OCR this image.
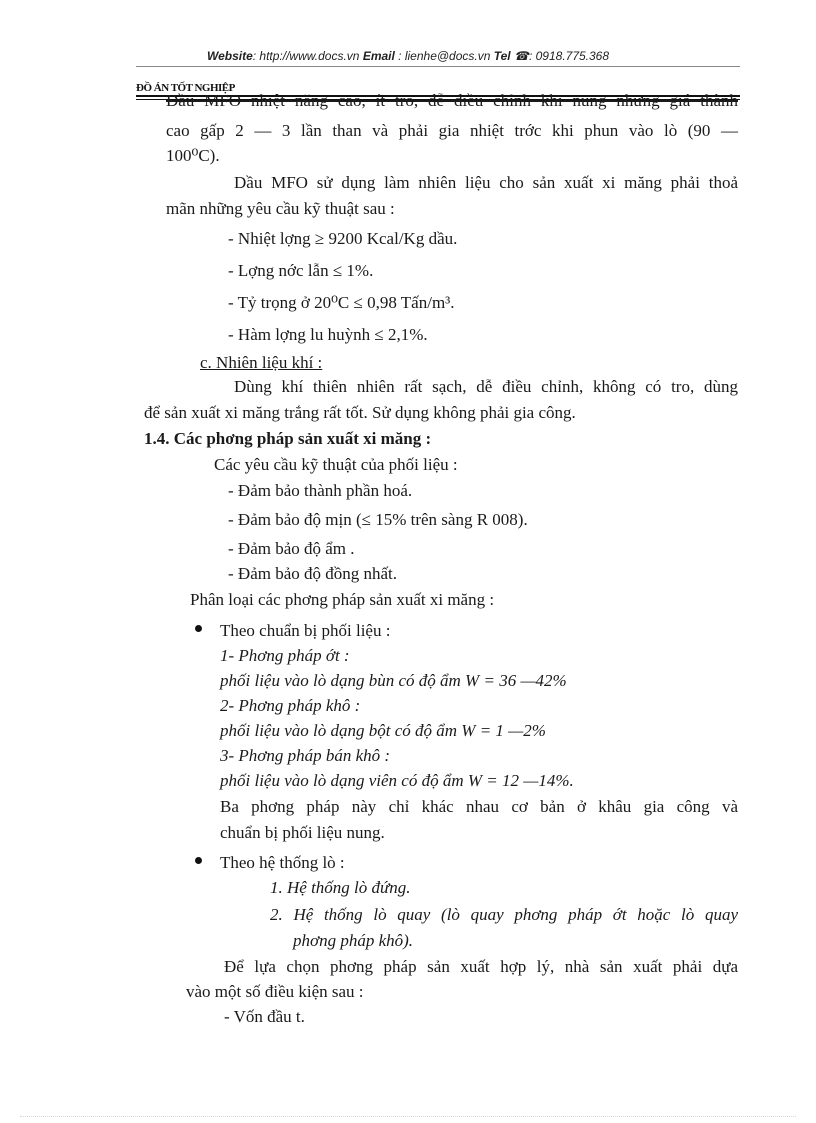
Website: http://www.docs.vn Email : lienhe@docs.vn Tel ☎: 0918.775.368
ĐỒ ÁN TỐT NGHIỆP
Dầu MFO nhiệt năng cao, ít tro, dễ điều chỉnh khi nung nhưng giá thành
cao gấp 2 — 3 lần than và phải gia nhiệt trớc khi phun vào lò (90 —
100⁰C).
Dầu MFO sử dụng làm nhiên liệu cho sản xuất xi măng phải thoả
mãn những yêu cầu kỹ thuật sau :
- Nhiệt lợng ≥ 9200 Kcal/Kg dầu.
- Lợng nớc lẫn ≤ 1%.
- Tỷ trọng ở 20⁰C ≤ 0,98 Tấn/m³.
- Hàm lợng lu huỳnh ≤ 2,1%.
c. Nhiên liệu khí :
Dùng khí thiên nhiên rất sạch, dễ điều chỉnh, không có tro, dùng
để sản xuất xi măng trắng rất tốt. Sử dụng không phải gia công.
1.4. Các phơng pháp sản xuất xi măng :
Các yêu cầu kỹ thuật của phối liệu :
- Đảm bảo thành phần hoá.
- Đảm bảo độ mịn (≤ 15% trên sàng R 008).
- Đảm bảo độ ẩm .
- Đảm bảo độ đồng nhất.
Phân loại các phơng pháp sản xuất xi măng :
Theo chuẩn bị phối liệu :
1- Phơng pháp ớt :
phối liệu vào lò dạng bùn có độ ẩm W = 36 —42%
2- Phơng pháp khô :
phối liệu vào lò dạng bột có độ ẩm W = 1 —2%
3- Phơng pháp bán khô :
phối liệu vào lò dạng viên có độ ẩm W = 12 —14%.
Ba phơng pháp này chỉ khác nhau cơ bản ở khâu gia công và
chuẩn bị phối liệu nung.
Theo hệ thống lò :
1. Hệ thống lò đứng.
2. Hệ thống lò quay (lò quay phơng pháp ớt hoặc lò quay
phơng pháp khô).
Để lựa chọn phơng pháp sản xuất hợp lý, nhà sản xuất phải dựa
vào một số điều kiện sau :
- Vốn đầu t.
